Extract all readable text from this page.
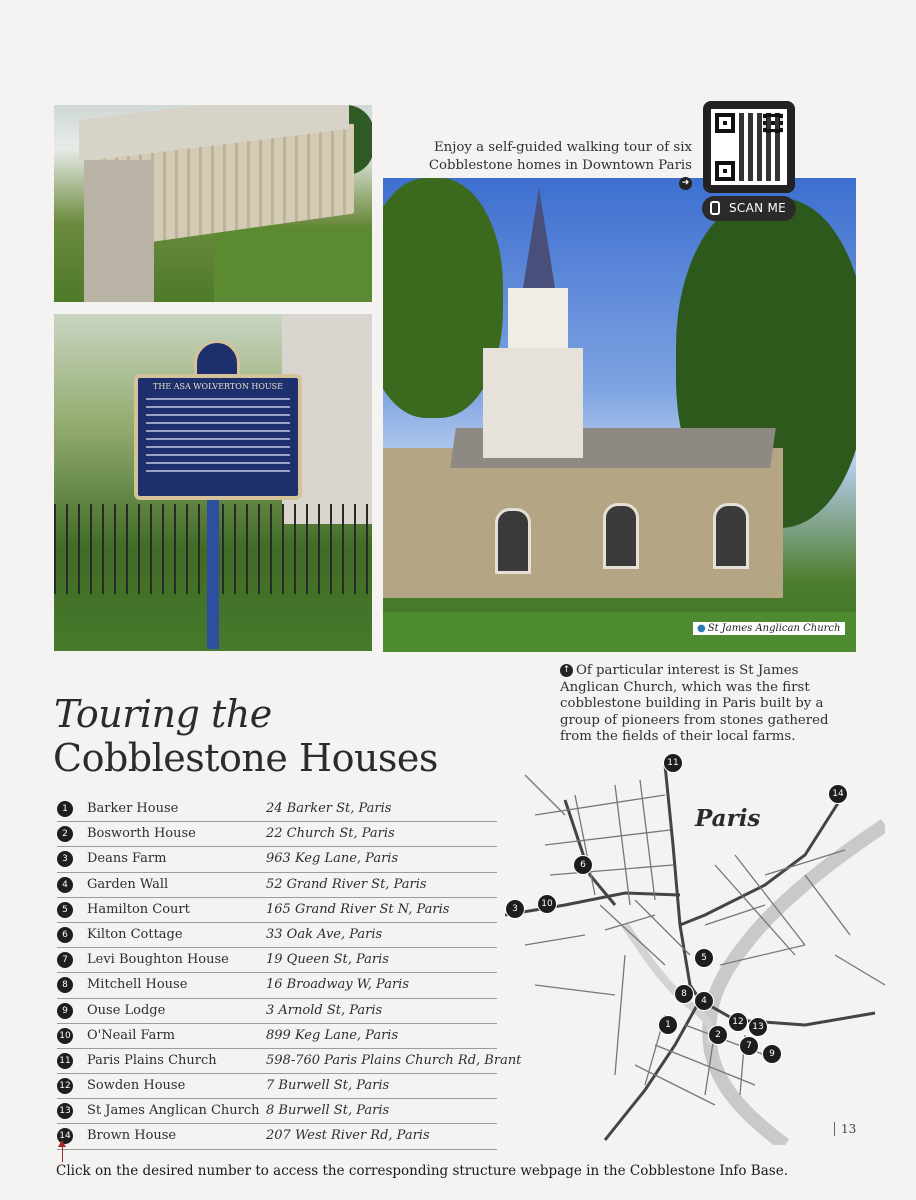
THE ASA WOLVERTON HOUSE
● St James Anglican Church
SCAN ME
Enjoy a self-guided walking tour of six Cobblestone homes in Downtown Paris➜
↑ Of particular interest is St James Anglican Church, which was the first cobblestone building in Paris built by a group of pioneers from stones gathered from the fields of their local farms.
Touring the
Cobblestone Houses
1	Barker House	24 Barker St, Paris
2	Bosworth House	22 Church St, Paris
3	Deans Farm	963 Keg Lane, Paris
4	Garden Wall	52 Grand River St, Paris
5	Hamilton Court	165 Grand River St N, Paris
6	Kilton Cottage	33 Oak Ave, Paris
7	Levi Boughton House	19 Queen St, Paris
8	Mitchell House	16 Broadway W, Paris
9	Ouse Lodge	3 Arnold St, Paris
10 O'Neail Farm	899 Keg Lane, Paris
11 Paris Plains Church	598-760 Paris Plains Church Rd, Brant
12 Sowden House	7 Burwell St, Paris
13 St James Anglican Church 8 Burwell St, Paris
14 Brown House	207 West River Rd, Paris
Paris
11
14
6
3	10
5
8
4
1
2
12 13
7
9
13
Click on the desired number to access the corresponding structure webpage in the Cobblestone Info Base.
